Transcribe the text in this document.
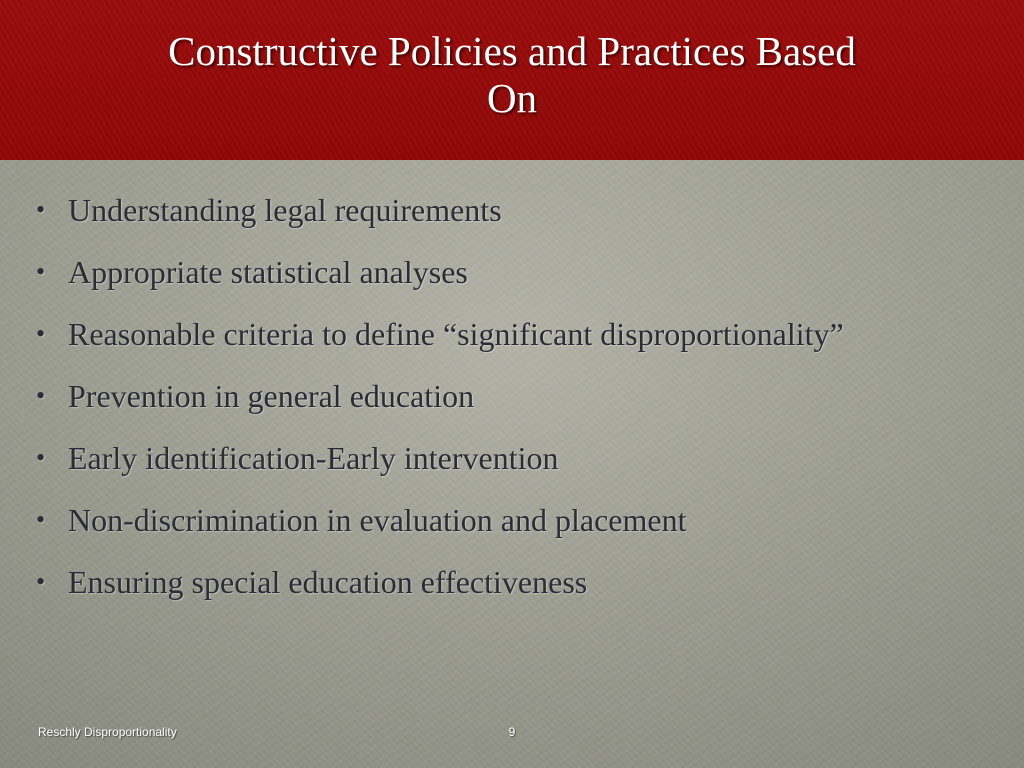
Constructive Policies and Practices Based
On
• Understanding legal requirements
• Appropriate statistical analyses
• Reasonable criteria to define “significant disproportionality”
• Prevention in general education
• Early identification-Early intervention
• Non-discrimination in evaluation and placement
• Ensuring special education effectiveness
Reschly Disproportionality	9
